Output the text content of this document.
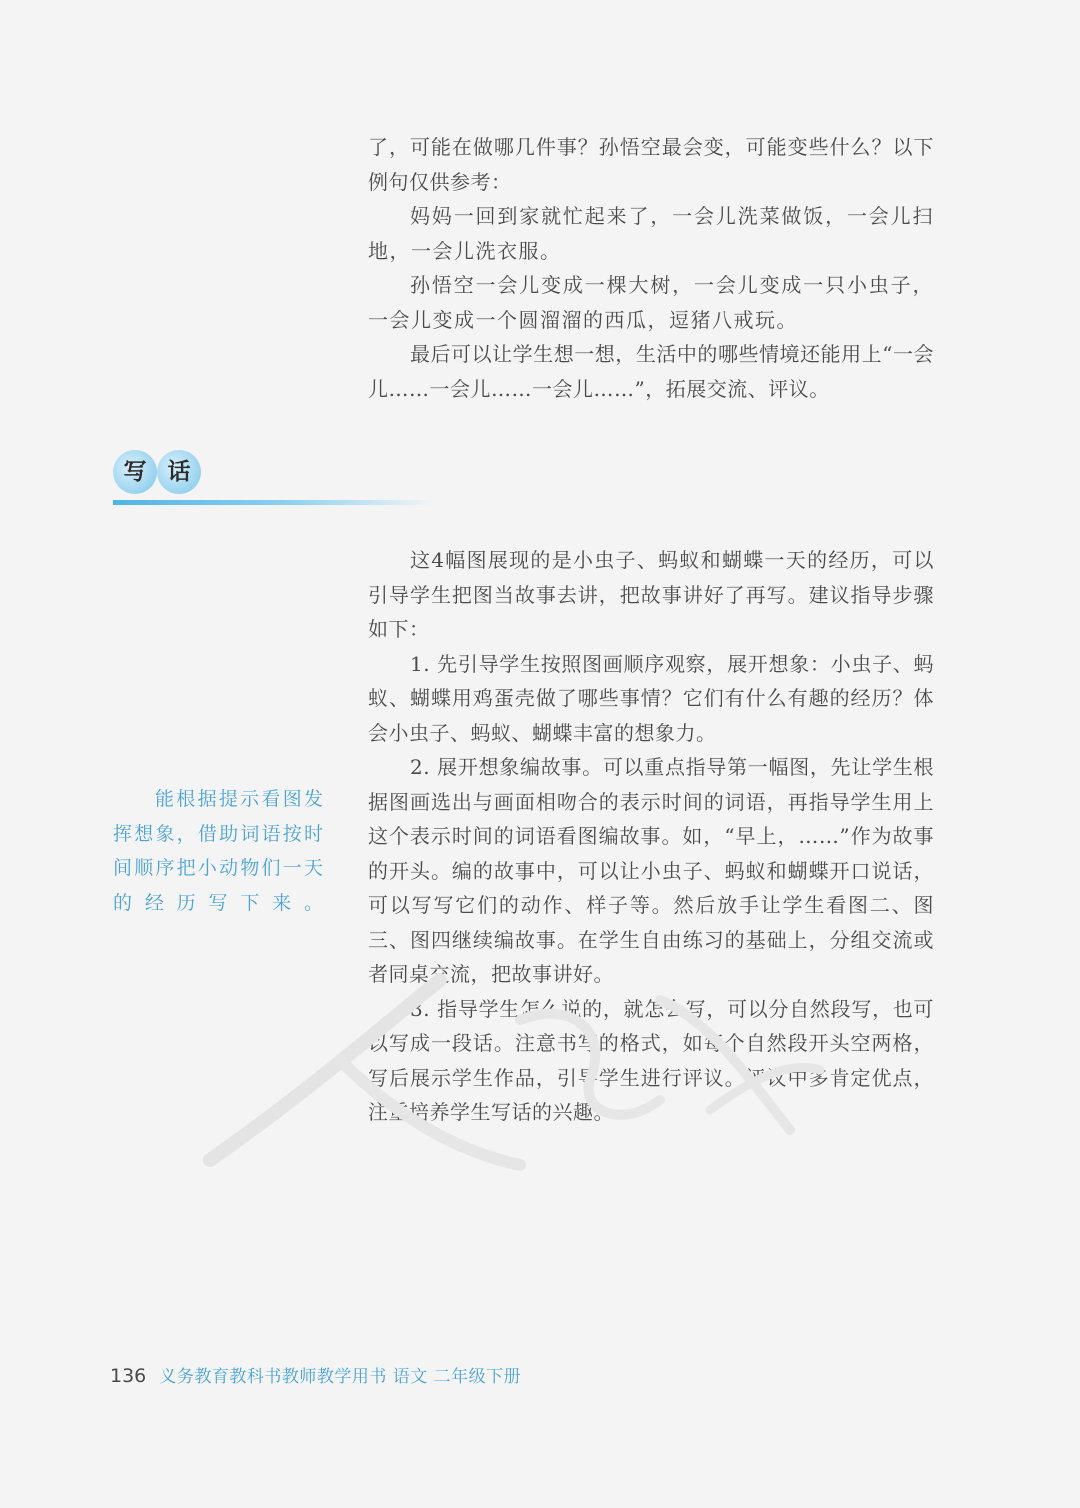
了，可能在做哪几件事？孙悟空最会变，可能变些什么？以下例句仅供参考：

妈妈一回到家就忙起来了，一会儿洗菜做饭，一会儿扫地，一会儿洗衣服。

孙悟空一会儿变成一棵大树，一会儿变成一只小虫子，一会儿变成一个圆溜溜的西瓜，逗猪八戒玩。

最后可以让学生想一想，生活中的哪些情境还能用上“一会儿……一会儿……一会儿……”，拓展交流、评议。

写 话

这4幅图展现的是小虫子、蚂蚁和蝴蝶一天的经历，可以引导学生把图当故事去讲，把故事讲好了再写。建议指导步骤如下：

1. 先引导学生按照图画顺序观察，展开想象：小虫子、蚂蚁、蝴蝶用鸡蛋壳做了哪些事情？它们有什么有趣的经历？体会小虫子、蚂蚁、蝴蝶丰富的想象力。

2. 展开想象编故事。可以重点指导第一幅图，先让学生根据图画选出与画面相吻合的表示时间的词语，再指导学生用上这个表示时间的词语看图编故事。如，“早上，……”作为故事的开头。编的故事中，可以让小虫子、蚂蚁和蝴蝶开口说话，可以写写它们的动作、样子等。然后放手让学生看图二、图三、图四继续编故事。在学生自由练习的基础上，分组交流或者同桌交流，把故事讲好。

3. 指导学生怎么说的，就怎么写，可以分自然段写，也可以写成一段话。注意书写的格式，如每个自然段开头空两格，写后展示学生作品，引导学生进行评议。评议中多肯定优点，注重培养学生写话的兴趣。

能根据提示看图发挥想象，借助词语按时间顺序把小动物们一天的经历写下来。
136 义务教育教科书教师教学用书 语文 二年级下册
